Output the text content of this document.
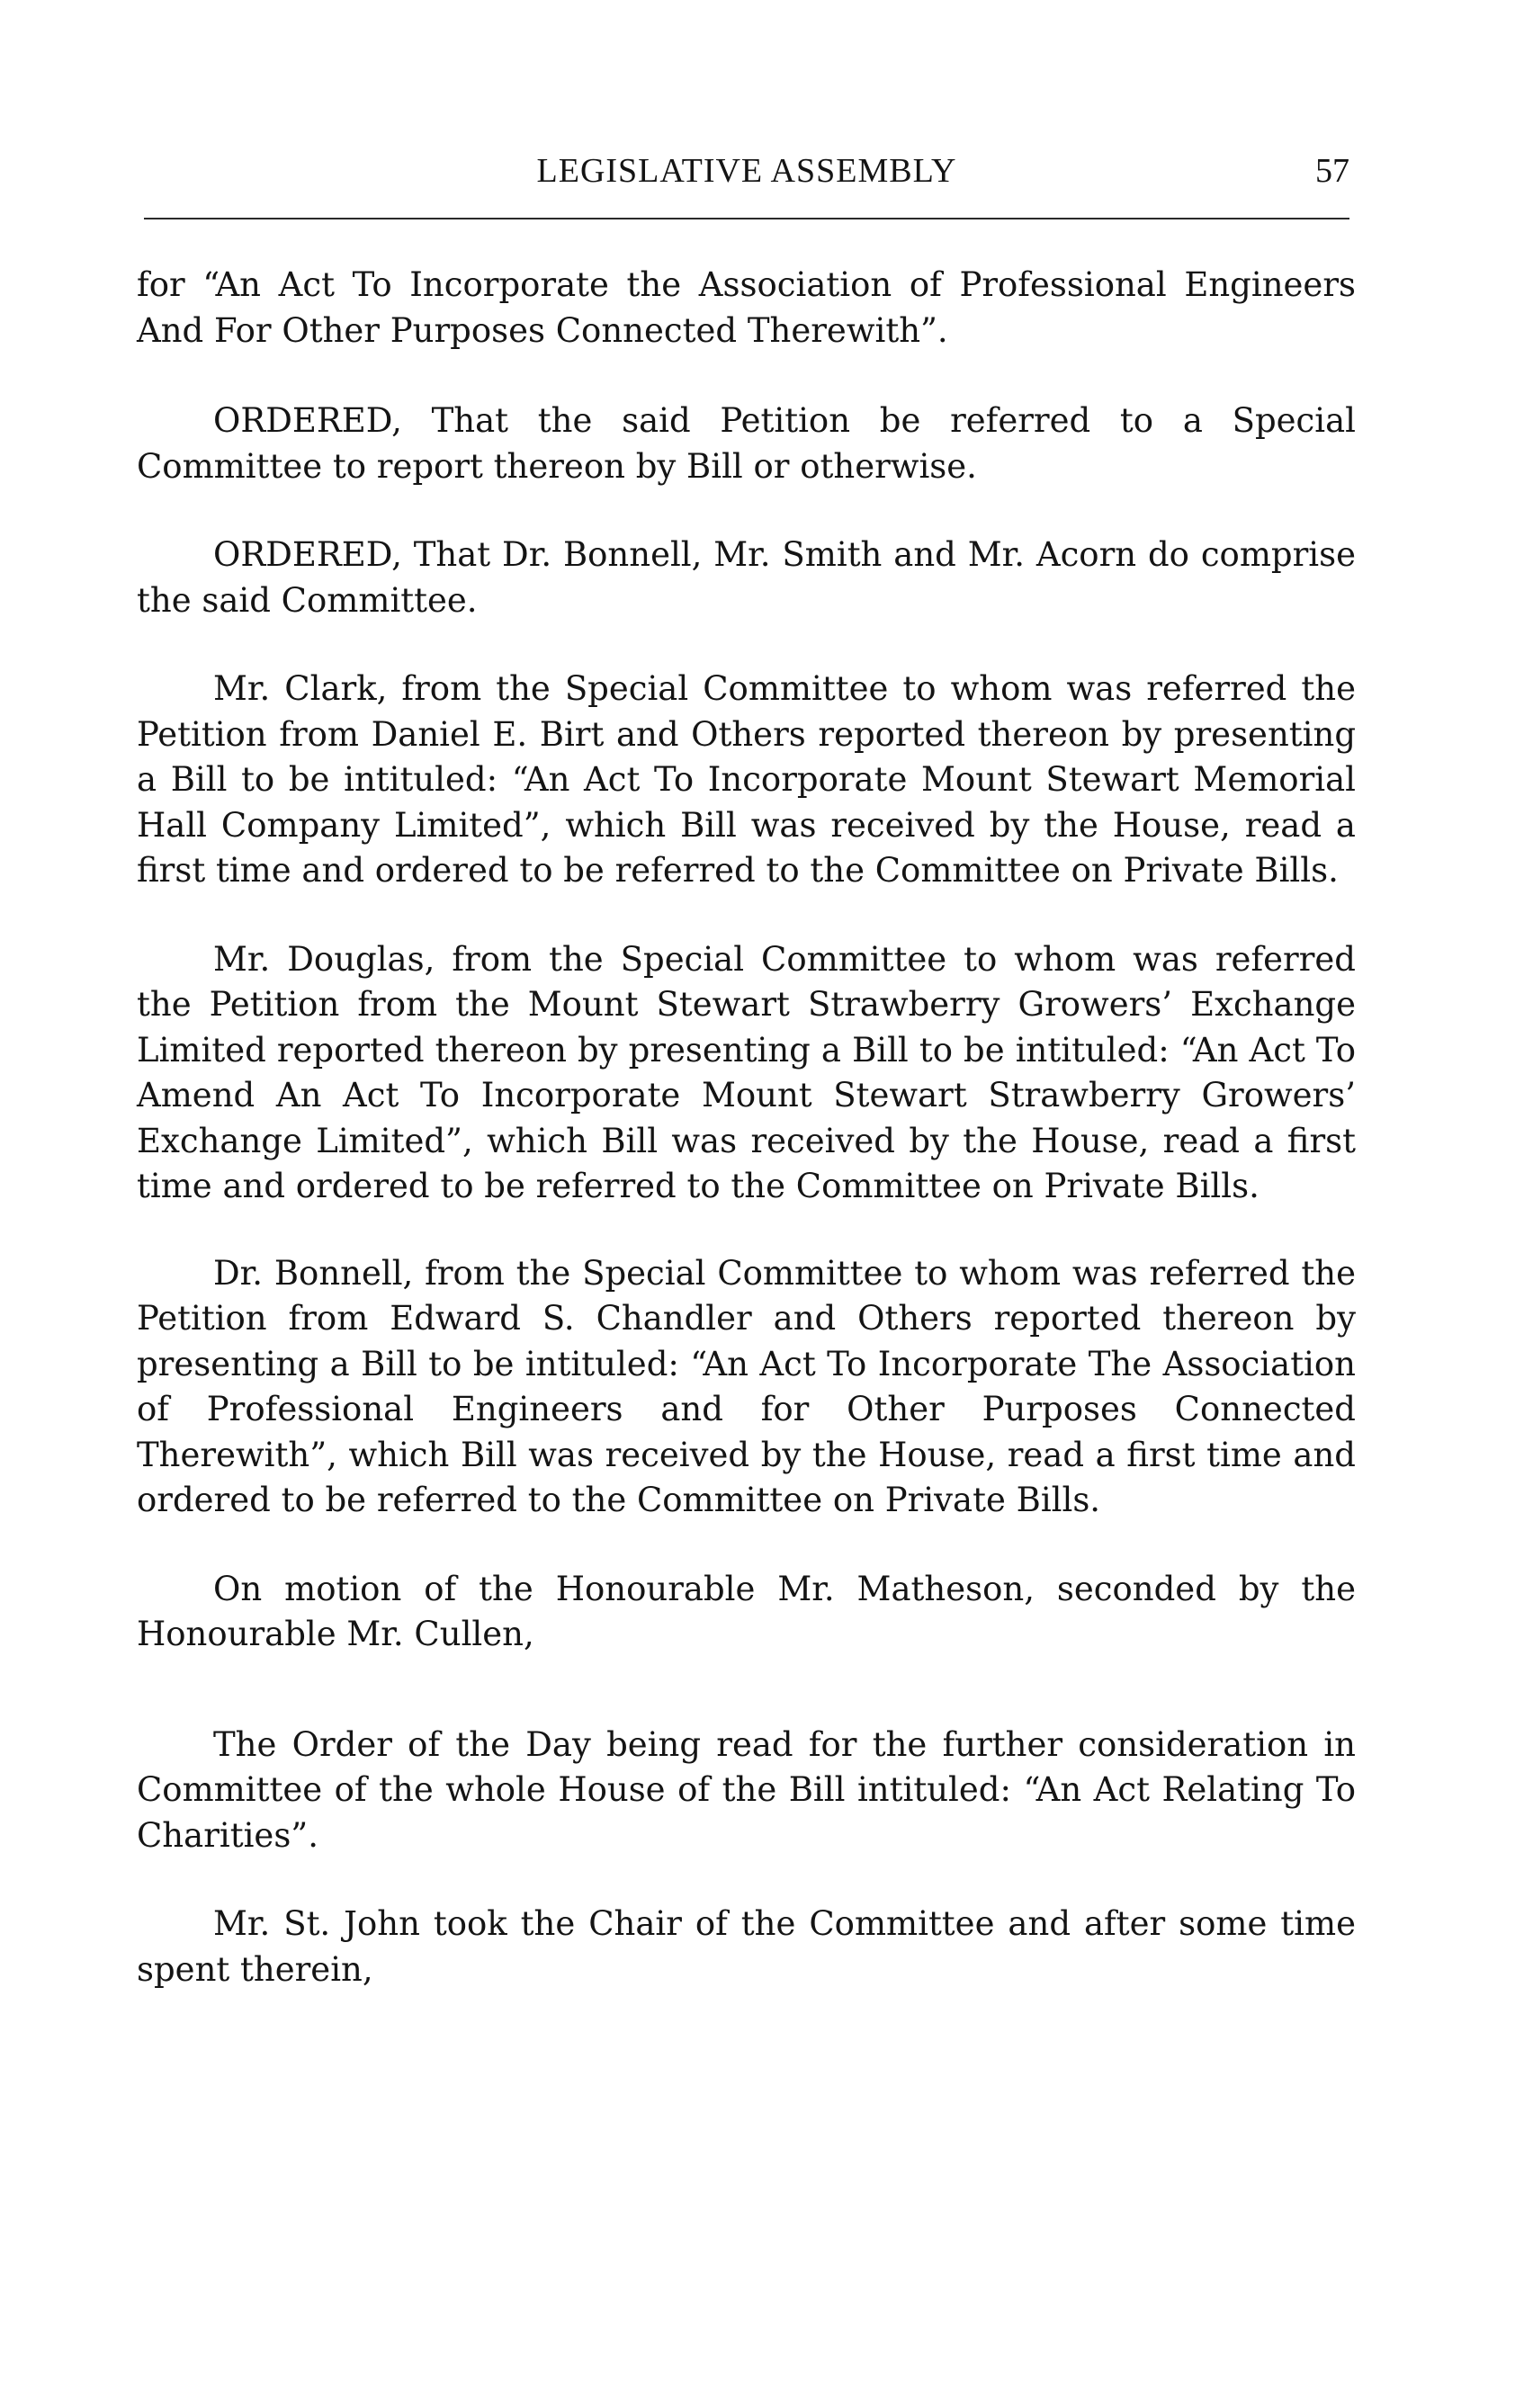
LEGISLATIVE ASSEMBLY	57

for “An Act To Incorporate the Association of Professional Engineers And For Other Purposes Connected Therewith”.

ORDERED, That the said Petition be referred to a Special Committee to report thereon by Bill or otherwise.

ORDERED, That Dr. Bonnell, Mr. Smith and Mr. Acorn do comprise the said Committee.

Mr. Clark, from the Special Committee to whom was referred the Petition from Daniel E. Birt and Others reported thereon by presenting a Bill to be intituled: “An Act To Incorporate Mount Stewart Memorial Hall Company Limited”, which Bill was received by the House, read a first time and ordered to be referred to the Committee on Private Bills.

Mr. Douglas, from the Special Committee to whom was referred the Petition from the Mount Stewart Strawberry Growers’ Exchange Limited reported thereon by presenting a Bill to be intituled: “An Act To Amend An Act To Incorporate Mount Stewart Strawberry Growers’ Exchange Limited”, which Bill was received by the House, read a first time and ordered to be referred to the Committee on Private Bills.

Dr. Bonnell, from the Special Committee to whom was referred the Petition from Edward S. Chandler and Others reported thereon by presenting a Bill to be intituled: “An Act To Incorporate The Association of Professional Engineers and for Other Purposes Connected Therewith”, which Bill was received by the House, read a first time and ordered to be referred to the Committee on Private Bills.

On motion of the Honourable Mr. Matheson, seconded by the Honourable Mr. Cullen,

The Order of the Day being read for the further consideration in Committee of the whole House of the Bill intituled: “An Act Relating To Charities”.

Mr. St. John took the Chair of the Committee and after some time spent therein,
